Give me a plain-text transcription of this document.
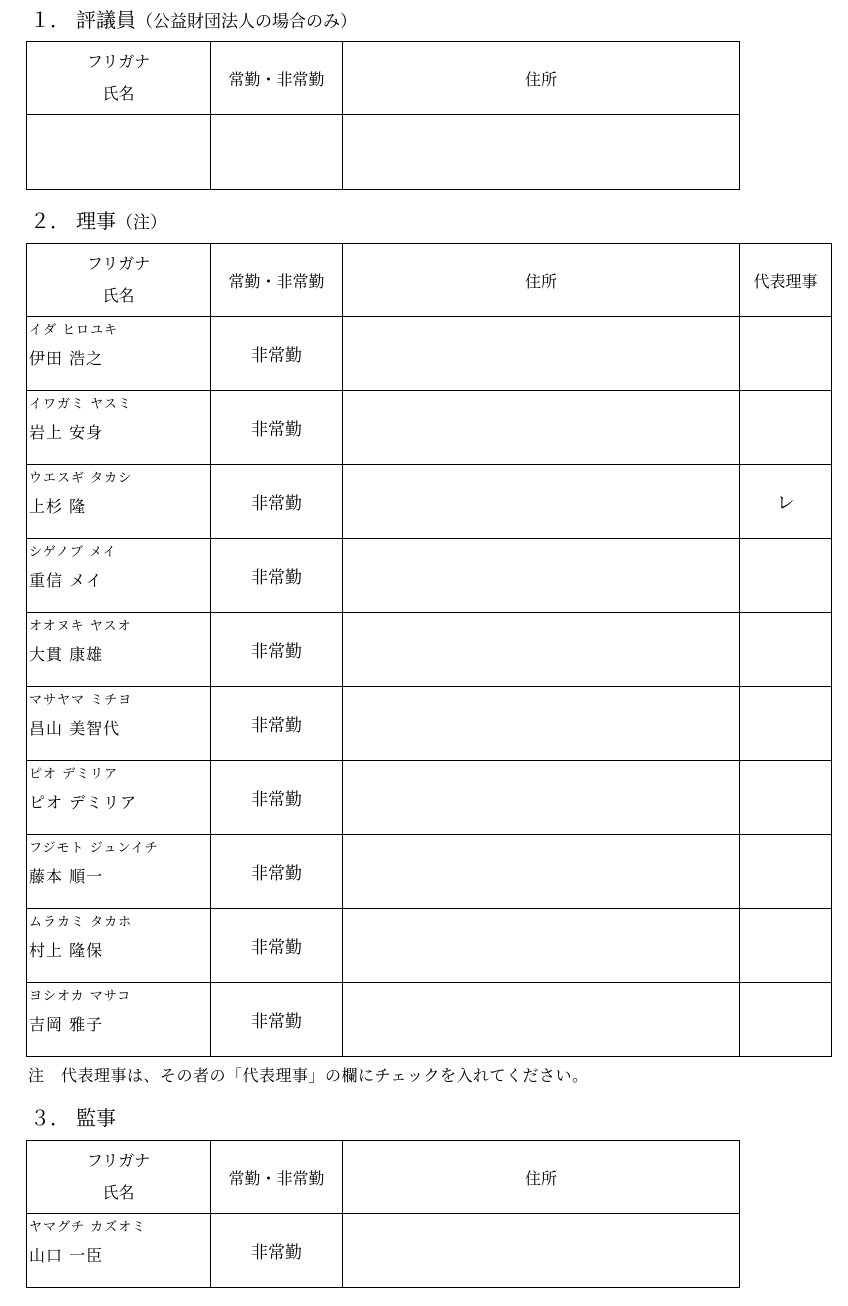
１． 評議員（公益財団法人の場合のみ）
フリガナ
氏名	常勤・非常勤	住所

２． 理事（注）
フリガナ
氏名	常勤・非常勤	住所	代表理事

イダ ヒロユキ
伊田 浩之	非常勤		

イワガミ ヤスミ
岩上 安身	非常勤		

ウエスギ タカシ
上杉 隆	非常勤		レ

シゲノブ メイ
重信 メイ	非常勤		

オオヌキ ヤスオ
大貫 康雄	非常勤		

マサヤマ ミチヨ
昌山 美智代	非常勤		

ピオ デミリア
ピオ デミリア	非常勤		

フジモト ジュンイチ
藤本 順一	非常勤		

ムラカミ タカホ
村上 隆保	非常勤		

ヨシオカ マサコ
吉岡 雅子	非常勤		
注　代表理事は、その者の「代表理事」の欄にチェックを入れてください。
３． 監事
フリガナ
氏名	常勤・非常勤	住所

ヤマグチ カズオミ
山口 一臣	非常勤	
